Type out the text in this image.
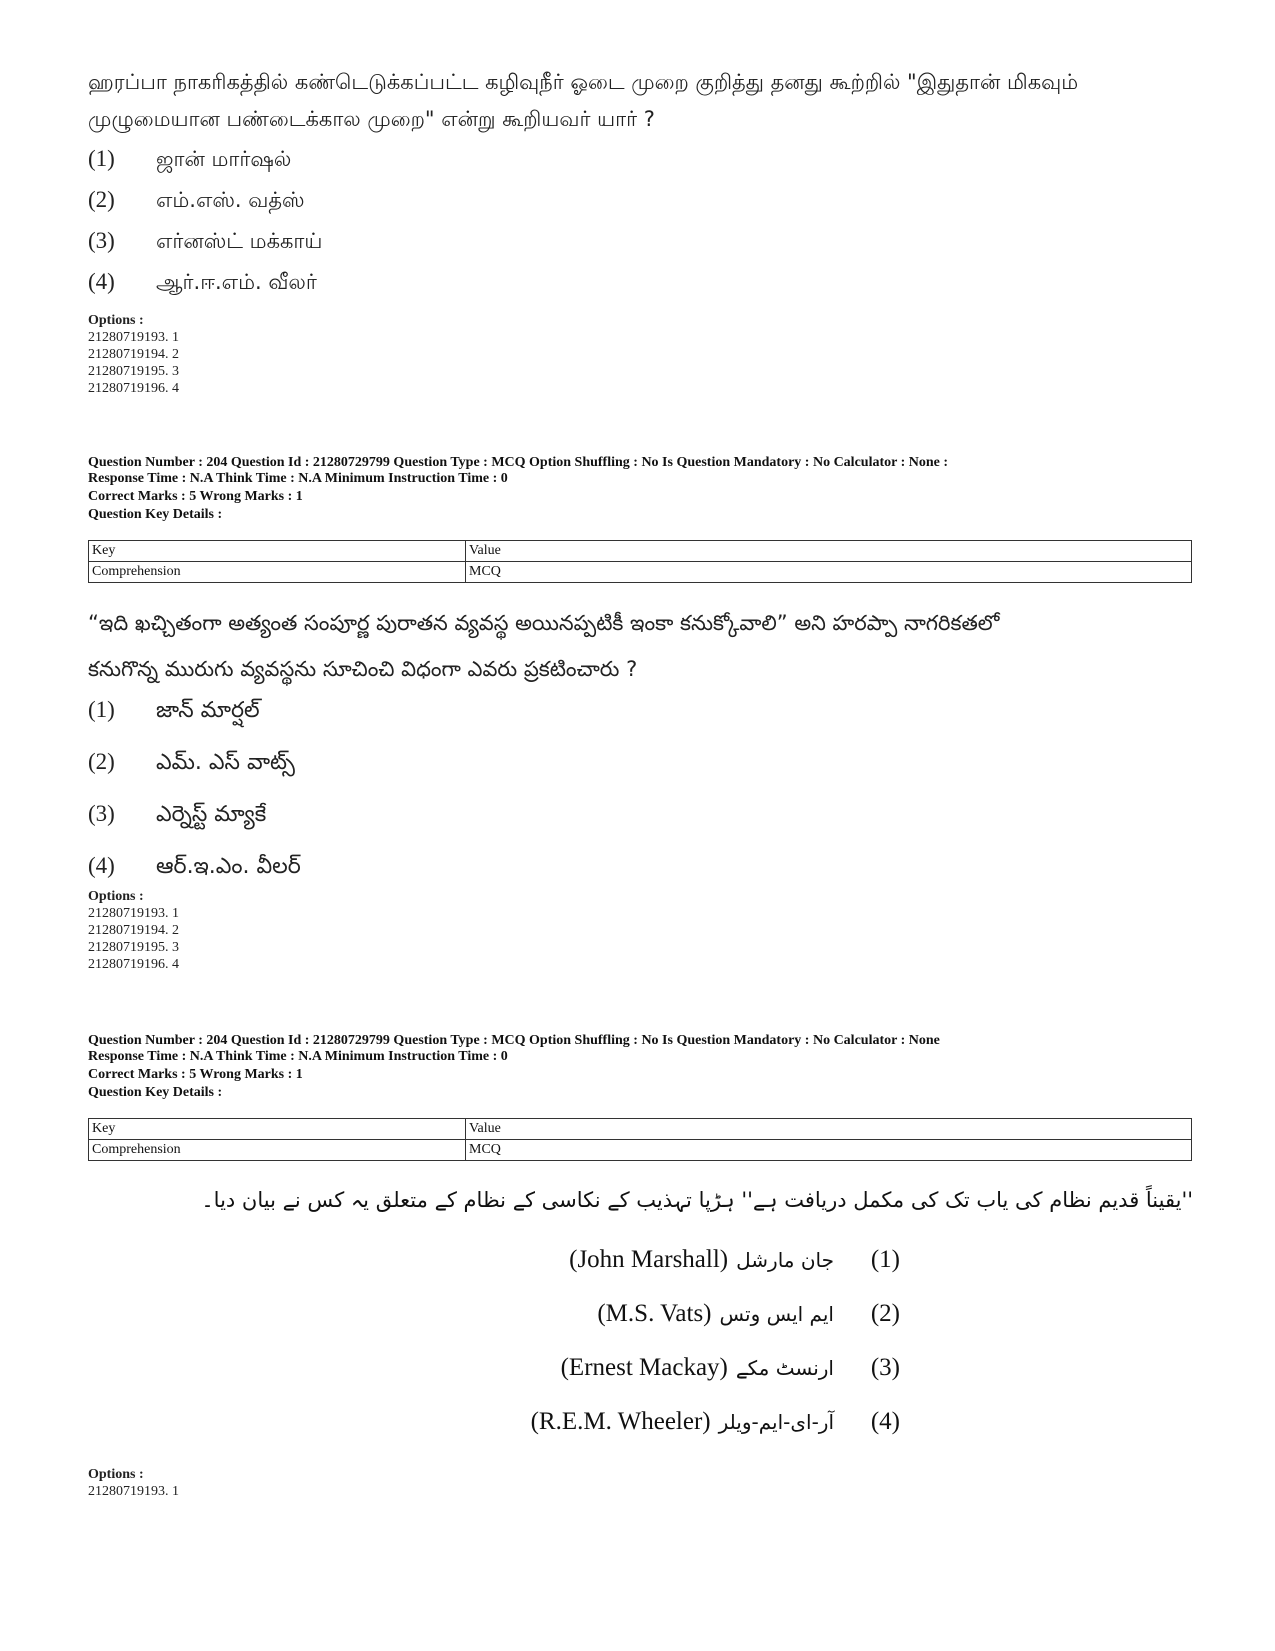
ஹரப்பா நாகரிகத்தில் கண்டெடுக்கப்பட்ட கழிவுநீர் ஓடை முறை குறித்து தனது கூற்றில் "இதுதான் மிகவும் முழுமையான பண்டைக்கால முறை" என்று கூறியவர் யார் ?
(1) ஜான் மார்ஷல்
(2) எம்.எஸ். வத்ஸ்
(3) எர்னஸ்ட் மக்காய்
(4) ஆர்.ஈ.எம். வீலர்
Options :
21280719193. 1
21280719194. 2
21280719195. 3
21280719196. 4
Question Number : 204 Question Id : 21280729799 Question Type : MCQ Option Shuffling : No Is Question Mandatory : No Calculator : None :
Response Time : N.A Think Time : N.A Minimum Instruction Time : 0
Correct Marks : 5 Wrong Marks : 1
Question Key Details :
Key	Value
Comprehension	MCQ
“ఇది ఖచ్చితంగా అత్యంత సంపూర్ణ పురాతన వ్యవస్థ అయినప్పటికీ ఇంకా కనుక్కోవాలి” అని హరప్పా నాగరికతలో
కనుగొన్న మురుగు వ్యవస్థను సూచించి విధంగా ఎవరు ప్రకటించారు ?
(1) జాన్ మార్షల్
(2) ఎమ్. ఎస్ వాట్స్
(3) ఎర్నెస్ట్ మ్యాకే
(4) ఆర్.ఇ.ఎం. వీలర్
Options :
21280719193. 1
21280719194. 2
21280719195. 3
21280719196. 4
Question Number : 204 Question Id : 21280729799 Question Type : MCQ Option Shuffling : No Is Question Mandatory : No Calculator : None
Response Time : N.A Think Time : N.A Minimum Instruction Time : 0
Correct Marks : 5 Wrong Marks : 1
Question Key Details :
Key	Value
Comprehension	MCQ
''یقیناً قدیم نظام کی یاب تک کی مکمل دریافت ہے'' ہڑپا تہذیب کے نکاسی کے نظام کے متعلق یہ کس نے بیان دیا۔
(John Marshall) جان مارشل (1)
(M.S. Vats) ایم ایس وتس (2)
(Ernest Mackay) ارنسٹ مکے (3)
(R.E.M. Wheeler) آر-ای-ایم-ویلر (4)
Options :
21280719193. 1
